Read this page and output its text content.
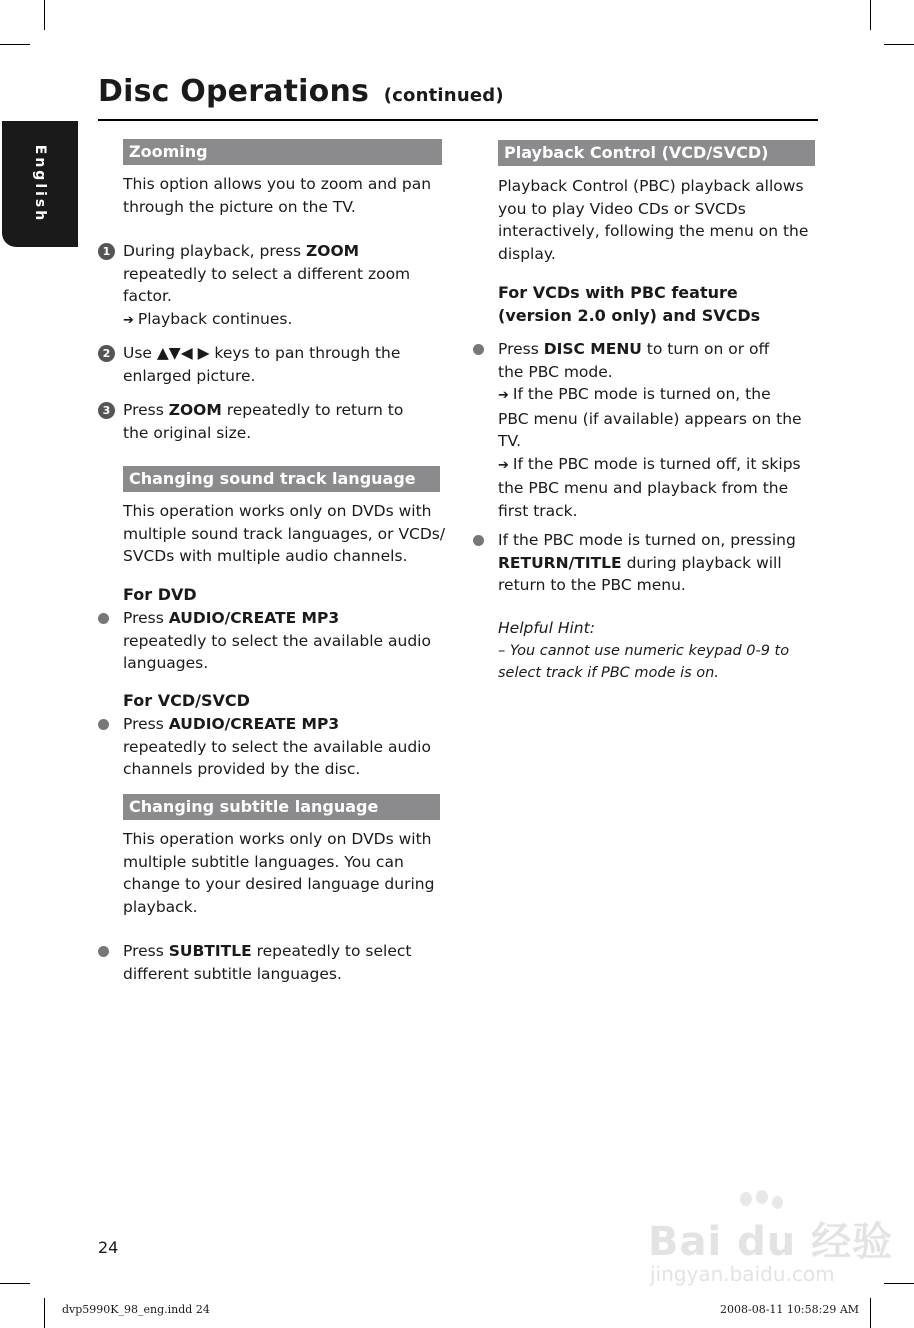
English
Disc Operations (continued)
Zooming
This option allows you to zoom and pan
through the picture on the TV.
1 During playback, press ZOOM
repeatedly to select a different zoom
factor.
➔ Playback continues.
2 Use ▲▼◀ ▶ keys to pan through the
enlarged picture.
3 Press ZOOM repeatedly to return to
the original size.
Changing sound track language
This operation works only on DVDs with
multiple sound track languages, or VCDs/
SVCDs with multiple audio channels.
For DVD
Press AUDIO/CREATE MP3
repeatedly to select the available audio
languages.
For VCD/SVCD
Press AUDIO/CREATE MP3
repeatedly to select the available audio
channels provided by the disc.
Changing subtitle language
This operation works only on DVDs with
multiple subtitle languages. You can
change to your desired language during
playback.
Press SUBTITLE repeatedly to select
different subtitle languages.
Playback Control (VCD/SVCD)
Playback Control (PBC) playback allows
you to play Video CDs or SVCDs
interactively, following the menu on the
display.
For VCDs with PBC feature
(version 2.0 only) and SVCDs
Press DISC MENU to turn on or off
the PBC mode.
➔ If the PBC mode is turned on, the
PBC menu (if available) appears on the
TV.
➔ If the PBC mode is turned off, it skips
the PBC menu and playback from the
first track.
If the PBC mode is turned on, pressing
RETURN/TITLE during playback will
return to the PBC menu.
Helpful Hint:
– You cannot use numeric keypad 0-9 to
select track if PBC mode is on.
24	Bai du 经验
jingyan.baidu.com
dvp5990K_98_eng.indd 24	2008-08-11 10:58:29 AM
